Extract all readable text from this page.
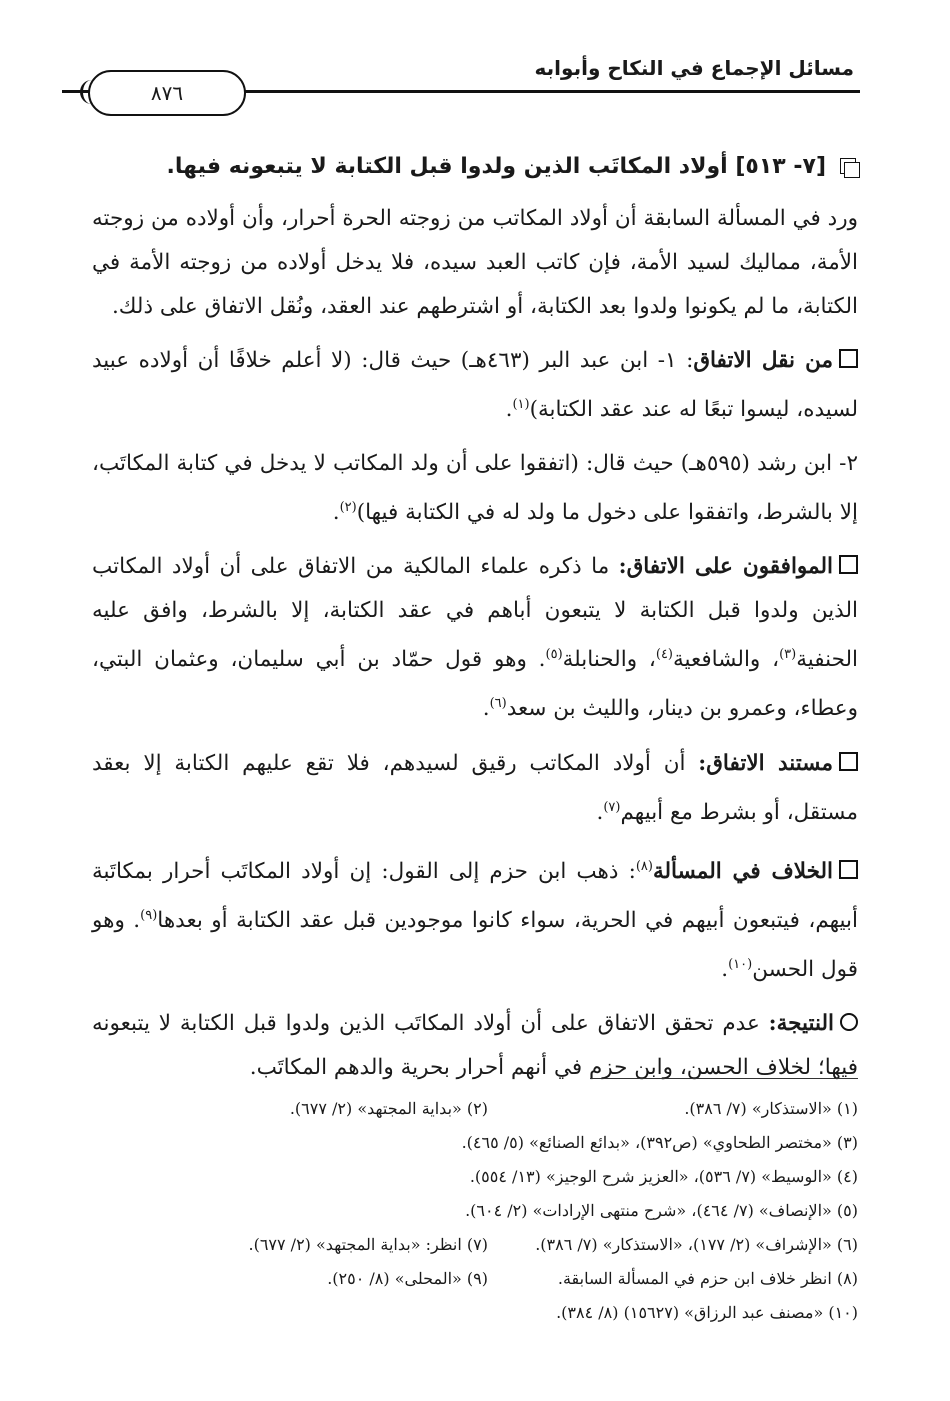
مسائل الإجماع في النكاح وأبوابه
٨٧٦
[٧- ٥١٣] أولاد المكاتَب الذين ولدوا قبل الكتابة لا يتبعونه فيها.

ورد في المسألة السابقة أن أولاد المكاتب من زوجته الحرة أحرار، وأن أولاده من زوجته الأمة، مماليك لسيد الأمة، فإن كاتب العبد سيده، فلا يدخل أولاده من زوجته الأمة في الكتابة، ما لم يكونوا ولدوا بعد الكتابة، أو اشترطهم عند العقد، ونُقل الاتفاق على ذلك.

من نقل الاتفاق: ١- ابن عبد البر (٤٦٣هـ) حيث قال: (لا أعلم خلافًا أن أولاده عبيد لسيده، ليسوا تبعًا له عند عقد الكتابة)$^{(١)}$.

٢- ابن رشد (٥٩٥هـ) حيث قال: (اتفقوا على أن ولد المكاتب لا يدخل في كتابة المكاتَب، إلا بالشرط، واتفقوا على دخول ما ولد له في الكتابة فيها)$^{(٢)}$.

الموافقون على الاتفاق: ما ذكره علماء المالكية من الاتفاق على أن أولاد المكاتب الذين ولدوا قبل الكتابة لا يتبعون أباهم في عقد الكتابة، إلا بالشرط، وافق عليه الحنفية$^{(٣)}$، والشافعية$^{(٤)}$، والحنابلة$^{(٥)}$. وهو قول حمّاد بن أبي سليمان، وعثمان البتي، وعطاء، وعمرو بن دينار، والليث بن سعد$^{(٦)}$.

مستند الاتفاق: أن أولاد المكاتب رقيق لسيدهم، فلا تقع عليهم الكتابة إلا بعقد مستقل، أو بشرط مع أبيهم$^{(٧)}$.

الخلاف في المسألة$^{(٨)}$: ذهب ابن حزم إلى القول: إن أولاد المكاتَب أحرار بمكاتَبة أبيهم، فيتبعون أبيهم في الحرية، سواء كانوا موجودين قبل عقد الكتابة أو بعدها$^{(٩)}$. وهو قول الحسن$^{(١٠)}$.

النتيجة: عدم تحقق الاتفاق على أن أولاد المكاتَب الذين ولدوا قبل الكتابة لا يتبعونه فيها؛ لخلاف الحسن، وابن حزم في أنهم أحرار بحرية والدهم المكاتَب.

(١) «الاستذكار» (٧/ ٣٨٦).
(٢) «بداية المجتهد» (٢/ ٦٧٧).
(٣) «مختصر الطحاوي» (ص٣٩٢)، «بدائع الصنائع» (٥/ ٤٦٥).
(٤) «الوسيط» (٧/ ٥٣٦)، «العزيز شرح الوجيز» (١٣/ ٥٥٤).
(٥) «الإنصاف» (٧/ ٤٦٤)، «شرح منتهى الإرادات» (٢/ ٦٠٤).
(٦) «الإشراف» (٢/ ١٧٧)، «الاستذكار» (٧/ ٣٨٦).
(٧) انظر: «بداية المجتهد» (٢/ ٦٧٧).
(٨) انظر خلاف ابن حزم في المسألة السابقة.
(٩) «المحلى» (٨/ ٢٥٠).
(١٠) «مصنف عبد الرزاق» (١٥٦٢٧) (٨/ ٣٨٤).
